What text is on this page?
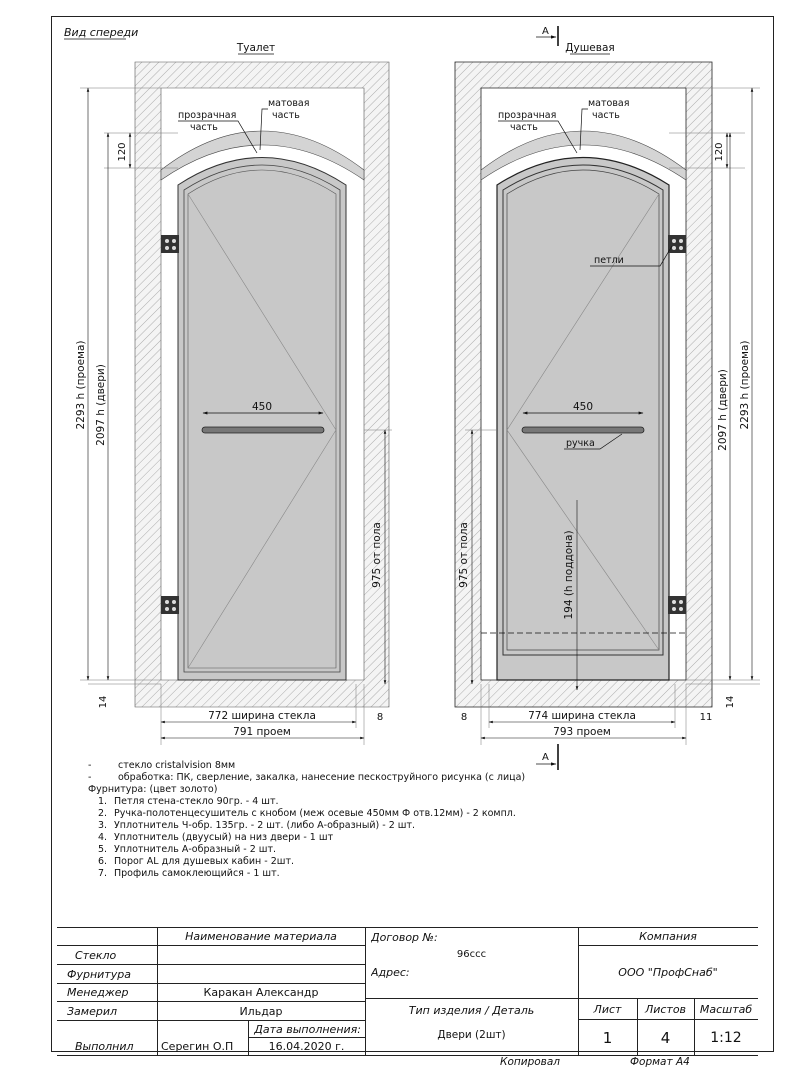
Вид спереди
Туалет
450
прозрачная
часть
матовая
часть
120
2293 h (проема) 2097 h (двери)
14
975 от пола
772 ширина стекла
791 проем
8
Душевая
А
А
450
ручка
петли
прозрачная
часть
матовая
часть
120
2293 h (проема)
2097 h (двери)
14
975 от пола	194 (h поддона)
774 ширина стекла
793 проем
8	11
-	стекло cristalvision 8мм
-	обработка: ПК, сверление, закалка, нанесение пескоструйного рисунка (с лица)
Фурнитура: (цвет золото)
1. Петля стена-стекло 90гр. - 4 шт.
2. Ручка-полотенцесушитель с кнобом (меж осевые 450мм Ф отв.12мм) - 2 компл.
3. Уплотнитель Ч-обр. 135гр. - 2 шт. (либо А-образный) - 2 шт.
4. Уплотнитель (двуусый) на низ двери - 1 шт
5. Уплотнитель А-образный - 2 шт.
6. Порог AL для душевых кабин - 2шт.
7. Профиль самоклеющийся - 1 шт.
Наименование материала
Стекло
Фурнитура
Менеджер	Каракан Александр
Замерил	Ильдар
Дата выполнения:
Выполнил	Серегин О.П	16.04.2020 г.
Договор №:
96ссс
Адрес:
Тип изделия / Деталь
Двери (2шт)
Компания
ООО "ПрофСнаб"
Лист	Листов	Масштаб
1	4	1:12
Копировал	Формат А4
